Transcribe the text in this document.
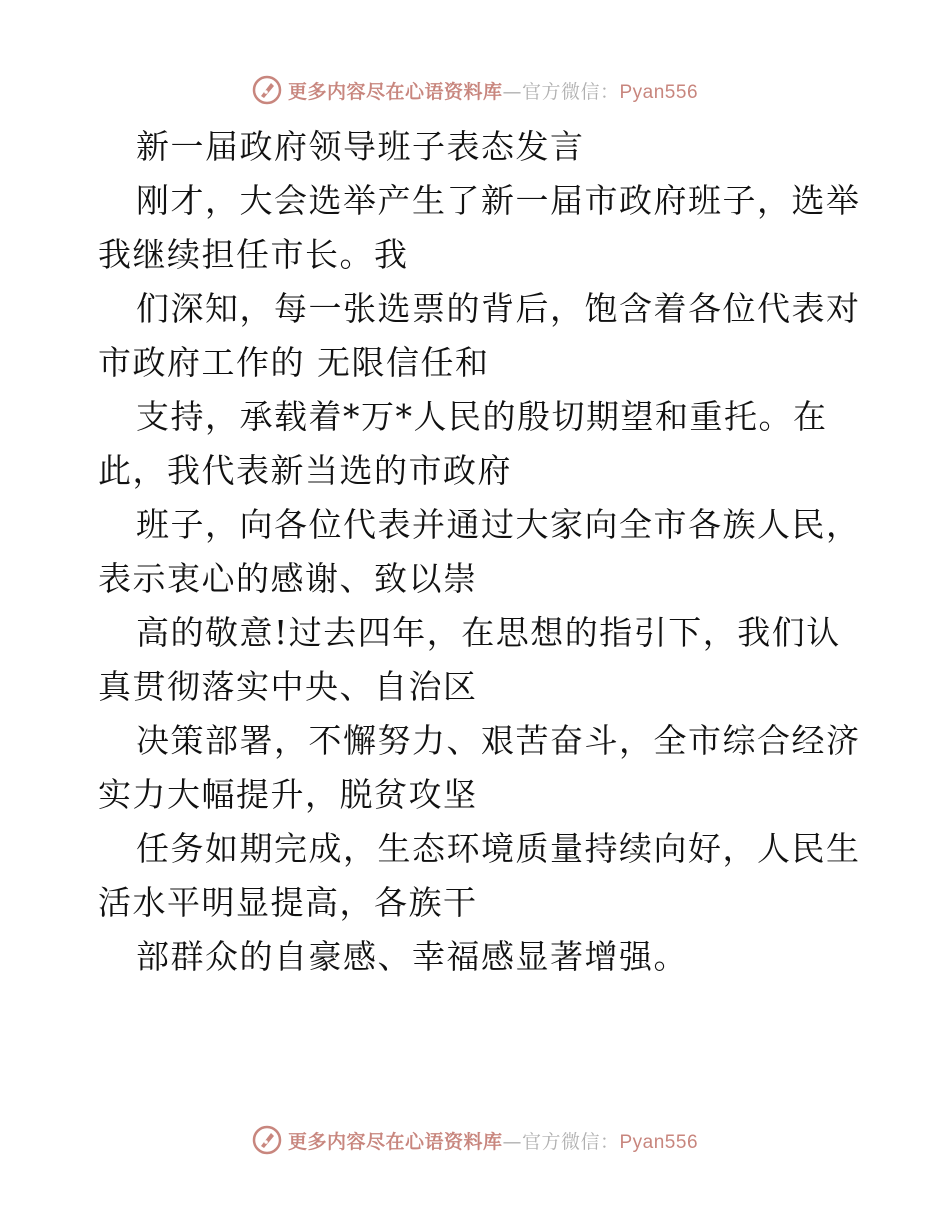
更多内容尽在心语资料库—官方微信：Pyan556
新一届政府领导班子表态发言
刚才，大会选举产生了新一届市政府班子，选举
我继续担任市长。我
们深知，每一张选票的背后，饱含着各位代表对
市政府工作的 无限信任和
支持，承载着*万*人民的殷切期望和重托。在
此，我代表新当选的市政府
班子，向各位代表并通过大家向全市各族人民，
表示衷心的感谢、致以崇
高的敬意!过去四年，在思想的指引下，我们认
真贯彻落实中央、自治区
决策部署，不懈努力、艰苦奋斗，全市综合经济
实力大幅提升，脱贫攻坚
任务如期完成，生态环境质量持续向好，人民生
活水平明显提高，各族干
部群众的自豪感、幸福感显著增强。
更多内容尽在心语资料库—官方微信：Pyan556
